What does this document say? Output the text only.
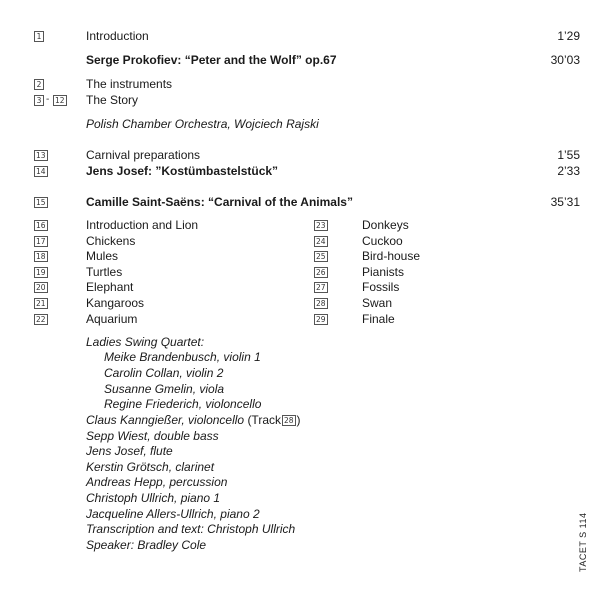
1	Introduction	1’29
Serge Prokofiev: “Peter and the Wolf” op.67	30’03
2	The instruments
3 - 12 The Story
Polish Chamber Orchestra, Wojciech Rajski
13	Carnival preparations	1’55
14	Jens Josef: ”Kostümbastelstück”	2’33
15	Camille Saint-Saëns: “Carnival of the Animals”	35’31
16	Introduction and Lion
17	Chickens
18	Mules
19	Turtles
20	Elephant
21	Kangaroos
22	Aquarium
23	Donkeys
24	Cuckoo
25	Bird-house
26	Pianists
27	Fossils
28	Swan
29	Finale
Ladies Swing Quartet:
Meike Brandenbusch, violin 1
Carolin Collan, violin 2
Susanne Gmelin, viola
Regine Friederich, violoncello
Claus Kanngießer, violoncello (Track 28 )
Sepp Wiest, double bass
Jens Josef, flute
Kerstin Grötsch, clarinet
Andreas Hepp, percussion
Christoph Ullrich, piano 1
Jacqueline Allers-Ullrich, piano 2
Transcription and text: Christoph Ullrich
Speaker: Bradley Cole	TACET S 114
